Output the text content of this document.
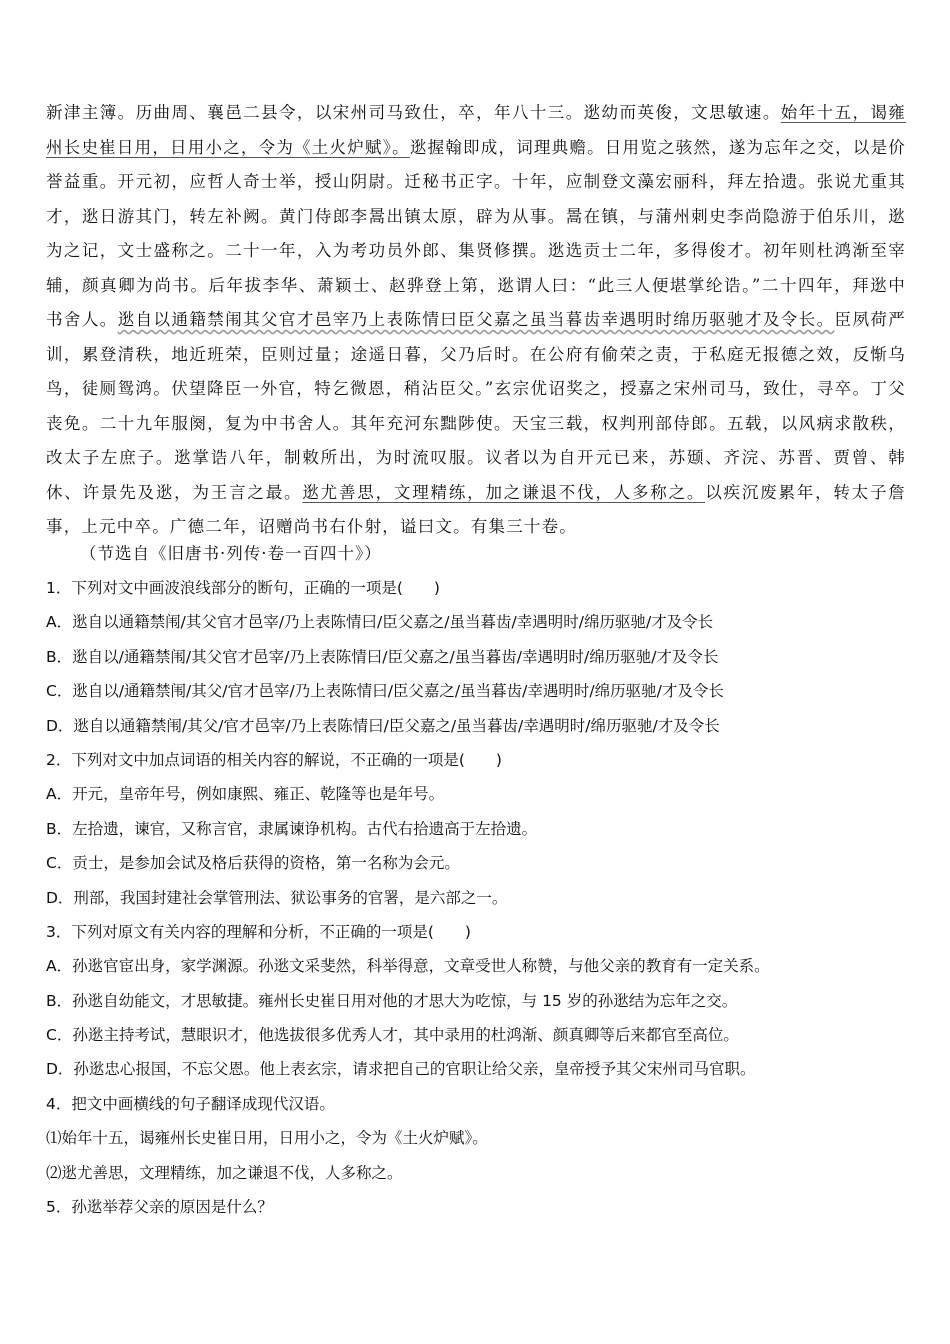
新津主簿。历曲周、襄邑二县令，以宋州司马致仕，卒，年八十三。逖幼而英俊，文思敏速。始年十五，谒雍州长史崔日用，日用小之，令为《土火炉赋》。逖握翰即成，词理典赡。日用览之骇然，遂为忘年之交，以是价誉益重。开元初，应哲人奇士举，授山阴尉。迁秘书正字。十年，应制登文藻宏丽科，拜左拾遗。张说尤重其才，逖日游其门，转左补阙。黄门侍郎李暠出镇太原，辟为从事。暠在镇，与蒲州刺史李尚隐游于伯乐川，逖为之记，文士盛称之。二十一年，入为考功员外郎、集贤修撰。逖选贡士二年，多得俊才。初年则杜鸿渐至宰辅，颜真卿为尚书。后年拔李华、萧颖士、赵骅登上第，逖谓人曰：“此三人便堪掌纶诰。”二十四年，拜逖中书舍人。逖自以通籍禁闱其父官才邑宰乃上表陈情曰臣父嘉之虽当暮齿幸遇明时绵历驱驰才及令长。臣夙荷严训，累登清秩，地近班荣，臣则过量；途遥日暮，父乃后时。在公府有偷荣之责，于私庭无报德之效，反惭乌鸟，徒厕鸳鸿。伏望降臣一外官，特乞微恩，稍沾臣父。”玄宗优诏奖之，授嘉之宋州司马，致仕，寻卒。丁父丧免。二十九年服阕，复为中书舍人。其年充河东黜陟使。天宝三载，权判刑部侍郎。五载，以风病求散秩，改太子左庶子。逖掌诰八年，制敕所出，为时流叹服。议者以为自开元已来，苏颋、齐浣、苏晋、贾曾、韩休、许景先及逖，为王言之最。逖尤善思，文理精练，加之谦退不伐，人多称之。以疾沉废累年，转太子詹事，上元中卒。广德二年，诏赠尚书右仆射，谥曰文。有集三十卷。
（节选自《旧唐书·列传·卷一百四十》）
1．下列对文中画波浪线部分的断句，正确的一项是(　　)
A．逖自以通籍禁闱/其父官才邑宰/乃上表陈情曰/臣父嘉之/虽当暮齿/幸遇明时/绵历驱驰/才及令长
B．逖自以/通籍禁闱/其父官才邑宰/乃上表陈情曰/臣父嘉之/虽当暮齿/幸遇明时/绵历驱驰/才及令长
C．逖自以/通籍禁闱/其父/官才邑宰/乃上表陈情曰/臣父嘉之/虽当暮齿/幸遇明时/绵历驱驰/才及令长
D．逖自以通籍禁闱/其父/官才邑宰/乃上表陈情曰/臣父嘉之/虽当暮齿/幸遇明时/绵历驱驰/才及令长
2．下列对文中加点词语的相关内容的解说，不正确的一项是(　　)
A．开元，皇帝年号，例如康熙、雍正、乾隆等也是年号。
B．左拾遗，谏官，又称言官，隶属谏诤机构。古代右拾遗高于左拾遗。
C．贡士，是参加会试及格后获得的资格，第一名称为会元。
D．刑部，我国封建社会掌管刑法、狱讼事务的官署，是六部之一。
3．下列对原文有关内容的理解和分析，不正确的一项是(　　)
A．孙逖官宦出身，家学渊源。孙逖文采斐然，科举得意，文章受世人称赞，与他父亲的教育有一定关系。
B．孙逖自幼能文，才思敏捷。雍州长史崔日用对他的才思大为吃惊，与 15 岁的孙逖结为忘年之交。
C．孙逖主持考试，慧眼识才，他选拔很多优秀人才，其中录用的杜鸿渐、颜真卿等后来都官至高位。
D．孙逖忠心报国，不忘父恩。他上表玄宗，请求把自己的官职让给父亲，皇帝授予其父宋州司马官职。
4．把文中画横线的句子翻译成现代汉语。
⑴始年十五，谒雍州长史崔日用，日用小之，令为《土火炉赋》。
⑵逖尤善思，文理精练，加之谦退不伐，人多称之。
5．孙逖举荐父亲的原因是什么？
